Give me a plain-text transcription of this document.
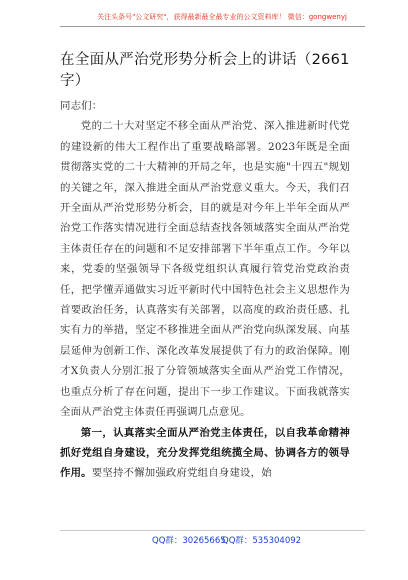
关注头条号"公文研究"，获得最新最全最专业的公文资料库！ 微信：gongwenyj
在全面从严治党形势分析会上的讲话（2661字）
同志们：

党的二十大对坚定不移全面从严治党、深入推进新时代党的建设新的伟大工程作出了重要战略部署。2023年既是全面贯彻落实党的二十大精神的开局之年，也是实施"十四五"规划的关键之年，深入推进全面从严治党意义重大。今天，我们召开全面从严治党形势分析会，目的就是对今年上半年全面从严治党工作落实情况进行全面总结查找各领域落实全面从严治党主体责任存在的问题和不足安排部署下半年重点工作。今年以来，党委的坚强领导下各级党组织认真履行管党治党政治责任，把学懂弄通做实习近平新时代中国特色社会主义思想作为首要政治任务，认真落实有关部署，以高度的政治责任感、扎实有力的举措，坚定不移推进全面从严治党向纵深发展、向基层延伸为创新工作、深化改革发展提供了有力的政治保障。刚才X负责人分别汇报了分管领域落实全面从严治党工作情况，也重点分析了存在问题，提出下一步工作建议。下面我就落实全面从严治党主体责任再强调几点意见。

第一，认真落实全面从严治党主体责任，以自我革命精神抓好党组自身建设，充分发挥党组统揽全局、协调各方的领导作用。要坚持不懈加强政府党组自身建设，始

QQ群：30265665
QQ群：535304092
